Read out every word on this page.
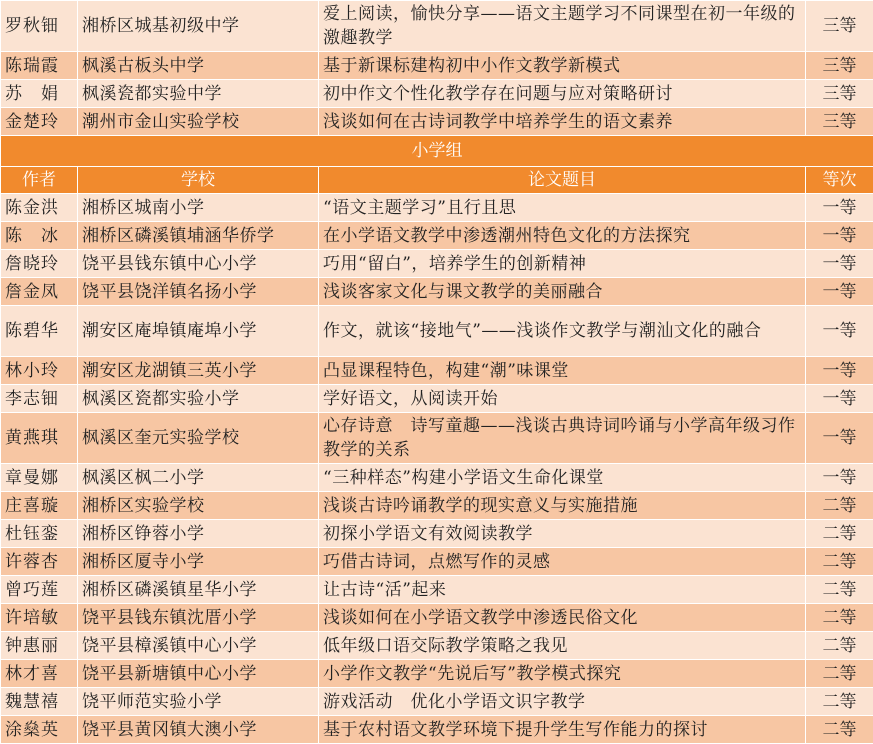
罗秋钿	湘桥区城基初级中学	爱上阅读，愉快分享——语文主题学习不同课型在初一年级的激趣教学	三等
陈瑞霞	枫溪古板头中学	基于新课标建构初中小作文教学新模式	三等
苏　娟	枫溪瓷都实验中学	初中作文个性化教学存在问题与应对策略研讨	三等
金楚玲	潮州市金山实验学校	浅谈如何在古诗词教学中培养学生的语文素养	三等
小学组			
作者	学校	论文题目	等次
陈金洪	湘桥区城南小学	“语文主题学习”且行且思	一等
陈　冰	湘桥区磷溪镇埔涵华侨学	在小学语文教学中渗透潮州特色文化的方法探究	一等
詹晓玲	饶平县钱东镇中心小学	巧用“留白”，培养学生的创新精神	一等
詹金凤	饶平县饶洋镇名扬小学	浅谈客家文化与课文教学的美丽融合	一等
陈碧华	潮安区庵埠镇庵埠小学	作文，就该“接地气”——浅谈作文教学与潮汕文化的融合	一等
林小玲	潮安区龙湖镇三英小学	凸显课程特色，构建“潮”味课堂	一等
李志钿	枫溪区瓷都实验小学	学好语文，从阅读开始	一等
黄燕琪	枫溪区奎元实验学校	心存诗意　诗写童趣——浅谈古典诗词吟诵与小学高年级习作教学的关系	一等
章曼娜	枫溪区枫二小学	“三种样态”构建小学语文生命化课堂	一等
庄喜璇	湘桥区实验学校	浅谈古诗吟诵教学的现实意义与实施措施	二等
杜钰銮	湘桥区铮蓉小学	初探小学语文有效阅读教学	二等
许蓉杏	湘桥区厦寺小学	巧借古诗词，点燃写作的灵感	二等
曾巧莲	湘桥区磷溪镇星华小学	让古诗“活”起来	二等
许培敏	饶平县钱东镇沈厝小学	浅谈如何在小学语文教学中渗透民俗文化	二等
钟惠丽	饶平县樟溪镇中心小学	低年级口语交际教学策略之我见	二等
林才喜	饶平县新塘镇中心小学	小学作文教学“先说后写”教学模式探究	二等
魏慧禧	饶平师范实验小学	游戏活动　优化小学语文识字教学	二等
涂燊英	饶平县黄冈镇大澳小学	基于农村语文教学环境下提升学生写作能力的探讨	二等
